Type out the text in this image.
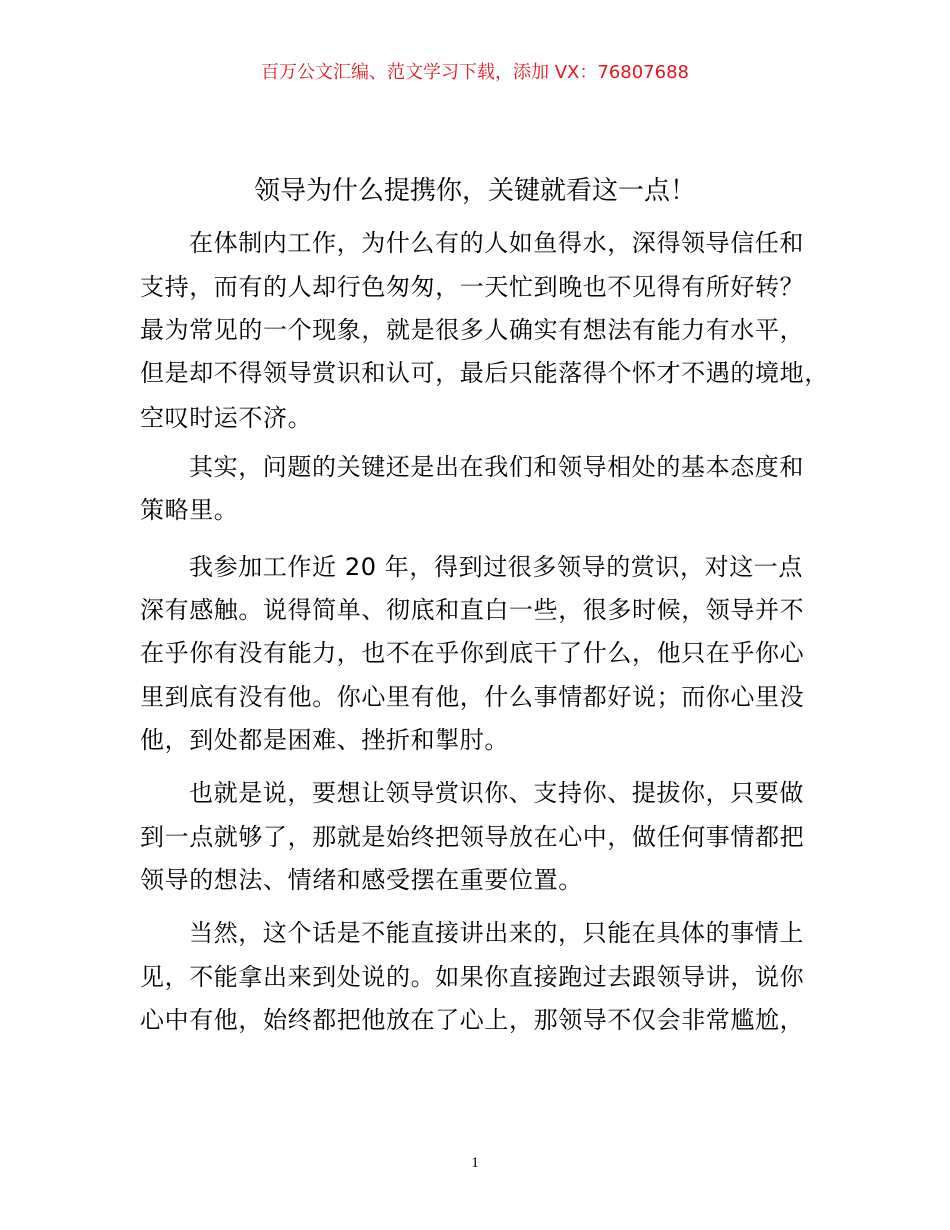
百万公文汇编、范文学习下载，添加 VX：76807688
领导为什么提携你，关键就看这一点！
在体制内工作，为什么有的人如鱼得水，深得领导信任和
支持，而有的人却行色匆匆，一天忙到晚也不见得有所好转？
最为常见的一个现象，就是很多人确实有想法有能力有水平，
但是却不得领导赏识和认可，最后只能落得个怀才不遇的境地，
空叹时运不济。
其实，问题的关键还是出在我们和领导相处的基本态度和
策略里。
我参加工作近 20 年，得到过很多领导的赏识，对这一点
深有感触。说得简单、彻底和直白一些，很多时候，领导并不
在乎你有没有能力，也不在乎你到底干了什么，他只在乎你心
里到底有没有他。你心里有他，什么事情都好说；而你心里没
他，到处都是困难、挫折和掣肘。
也就是说，要想让领导赏识你、支持你、提拔你，只要做
到一点就够了，那就是始终把领导放在心中，做任何事情都把
领导的想法、情绪和感受摆在重要位置。
当然，这个话是不能直接讲出来的，只能在具体的事情上
见，不能拿出来到处说的。如果你直接跑过去跟领导讲，说你
心中有他，始终都把他放在了心上，那领导不仅会非常尴尬，
1
